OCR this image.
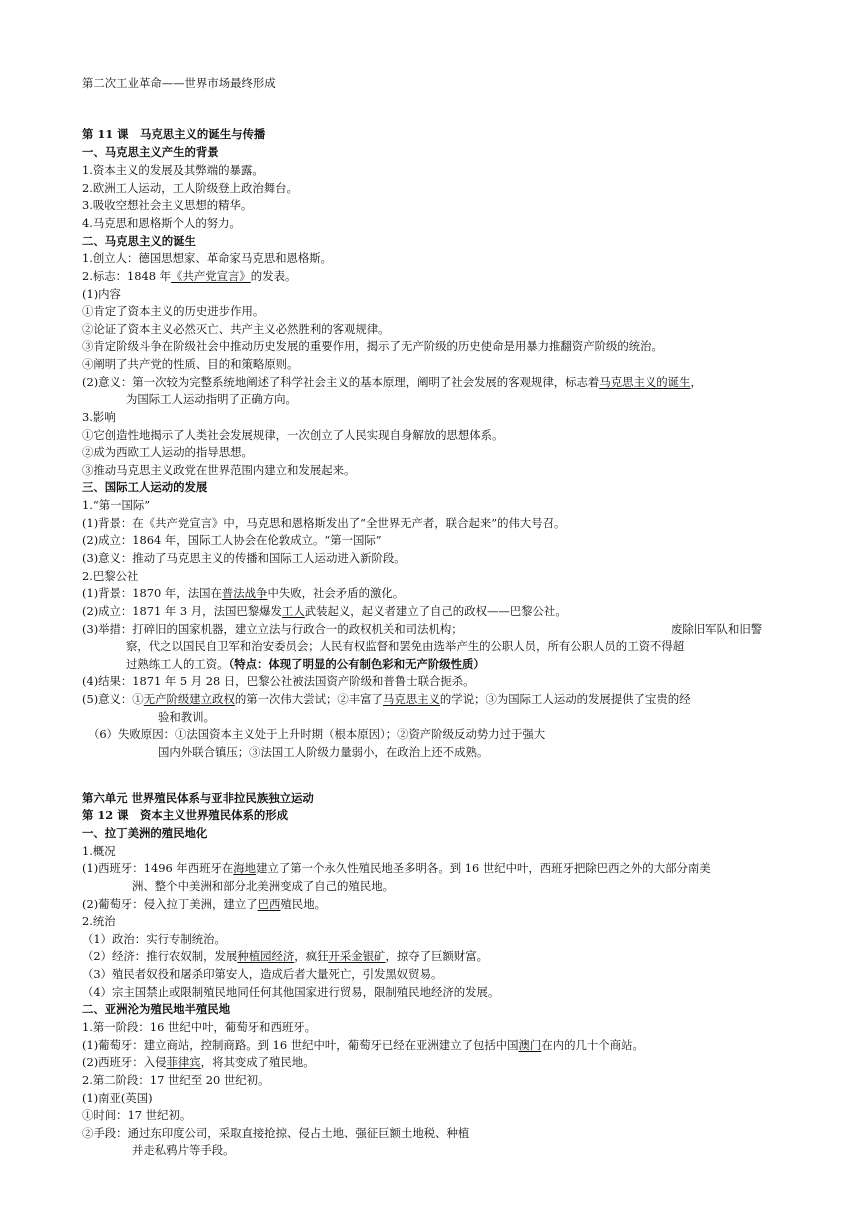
第二次工业革命——世界市场最终形成
第 11 课　马克思主义的诞生与传播
一、马克思主义产生的背景
1.资本主义的发展及其弊端的暴露。
2.欧洲工人运动，工人阶级登上政治舞台。
3.吸收空想社会主义思想的精华。
4.马克思和恩格斯个人的努力。
二、马克思主义的诞生
1.创立人：德国思想家、革命家马克思和恩格斯。
2.标志：1848 年《共产党宣言》的发表。
(1)内容
①肯定了资本主义的历史进步作用。
②论证了资本主义必然灭亡、共产主义必然胜利的客观规律。
③肯定阶级斗争在阶级社会中推动历史发展的重要作用，揭示了无产阶级的历史使命是用暴力推翻资产阶级的统治。
④阐明了共产党的性质、目的和策略原则。
(2)意义：第一次较为完整系统地阐述了科学社会主义的基本原理，阐明了社会发展的客观规律，标志着马克思主义的诞生，
为国际工人运动指明了正确方向。
3.影响
①它创造性地揭示了人类社会发展规律，一次创立了人民实现自身解放的思想体系。
②成为西欧工人运动的指导思想。
③推动马克思主义政党在世界范围内建立和发展起来。
三、国际工人运动的发展
1.“第一国际”
(1)背景：在《共产党宣言》中，马克思和恩格斯发出了“全世界无产者，联合起来”的伟大号召。
(2)成立：1864 年，国际工人协会在伦敦成立。“第一国际”
(3)意义：推动了马克思主义的传播和国际工人运动进入新阶段。
2.巴黎公社
(1)背景：1870 年，法国在普法战争中失败，社会矛盾的激化。
(2)成立：1871 年 3 月，法国巴黎爆发工人武装起义，起义者建立了自己的政权——巴黎公社。
(3)举措：打碎旧的国家机器，建立立法与行政合一的政权机关和司法机构；	废除旧军队和旧警
察，代之以国民自卫军和治安委员会；人民有权监督和罢免由选举产生的公职人员，所有公职人员的工资不得超
过熟练工人的工资。（特点：体现了明显的公有制色彩和无产阶级性质）
(4)结果：1871 年 5 月 28 日，巴黎公社被法国资产阶级和普鲁士联合扼杀。
(5)意义：①无产阶级建立政权的第一次伟大尝试；②丰富了马克思主义的学说；③为国际工人运动的发展提供了宝贵的经
验和教训。
（6）失败原因：①法国资本主义处于上升时期（根本原因）；②资产阶级反动势力过于强大
国内外联合镇压；③法国工人阶级力量弱小，在政治上还不成熟。
第六单元 世界殖民体系与亚非拉民族独立运动
第 12 课　资本主义世界殖民体系的形成
一、拉丁美洲的殖民地化
1.概况
(1)西班牙：1496 年西班牙在海地建立了第一个永久性殖民地圣多明各。到 16 世纪中叶，西班牙把除巴西之外的大部分南美
洲、整个中美洲和部分北美洲变成了自己的殖民地。
(2)葡萄牙：侵入拉丁美洲，建立了巴西殖民地。
2.统治
（1）政治：实行专制统治。
（2）经济：推行农奴制，发展种植园经济，疯狂开采金银矿，掠夺了巨额财富。
（3）殖民者奴役和屠杀印第安人，造成后者大量死亡，引发黑奴贸易。
（4）宗主国禁止或限制殖民地同任何其他国家进行贸易，限制殖民地经济的发展。
二、亚洲沦为殖民地半殖民地
1.第一阶段：16 世纪中叶，葡萄牙和西班牙。
(1)葡萄牙：建立商站，控制商路。到 16 世纪中叶，葡萄牙已经在亚洲建立了包括中国澳门在内的几十个商站。
(2)西班牙：入侵菲律宾，将其变成了殖民地。
2.第二阶段：17 世纪至 20 世纪初。
(1)南亚(英国)
①时间：17 世纪初。
②手段：通过东印度公司，采取直接抢掠、侵占土地、强征巨额土地税、种植
并走私鸦片等手段。
